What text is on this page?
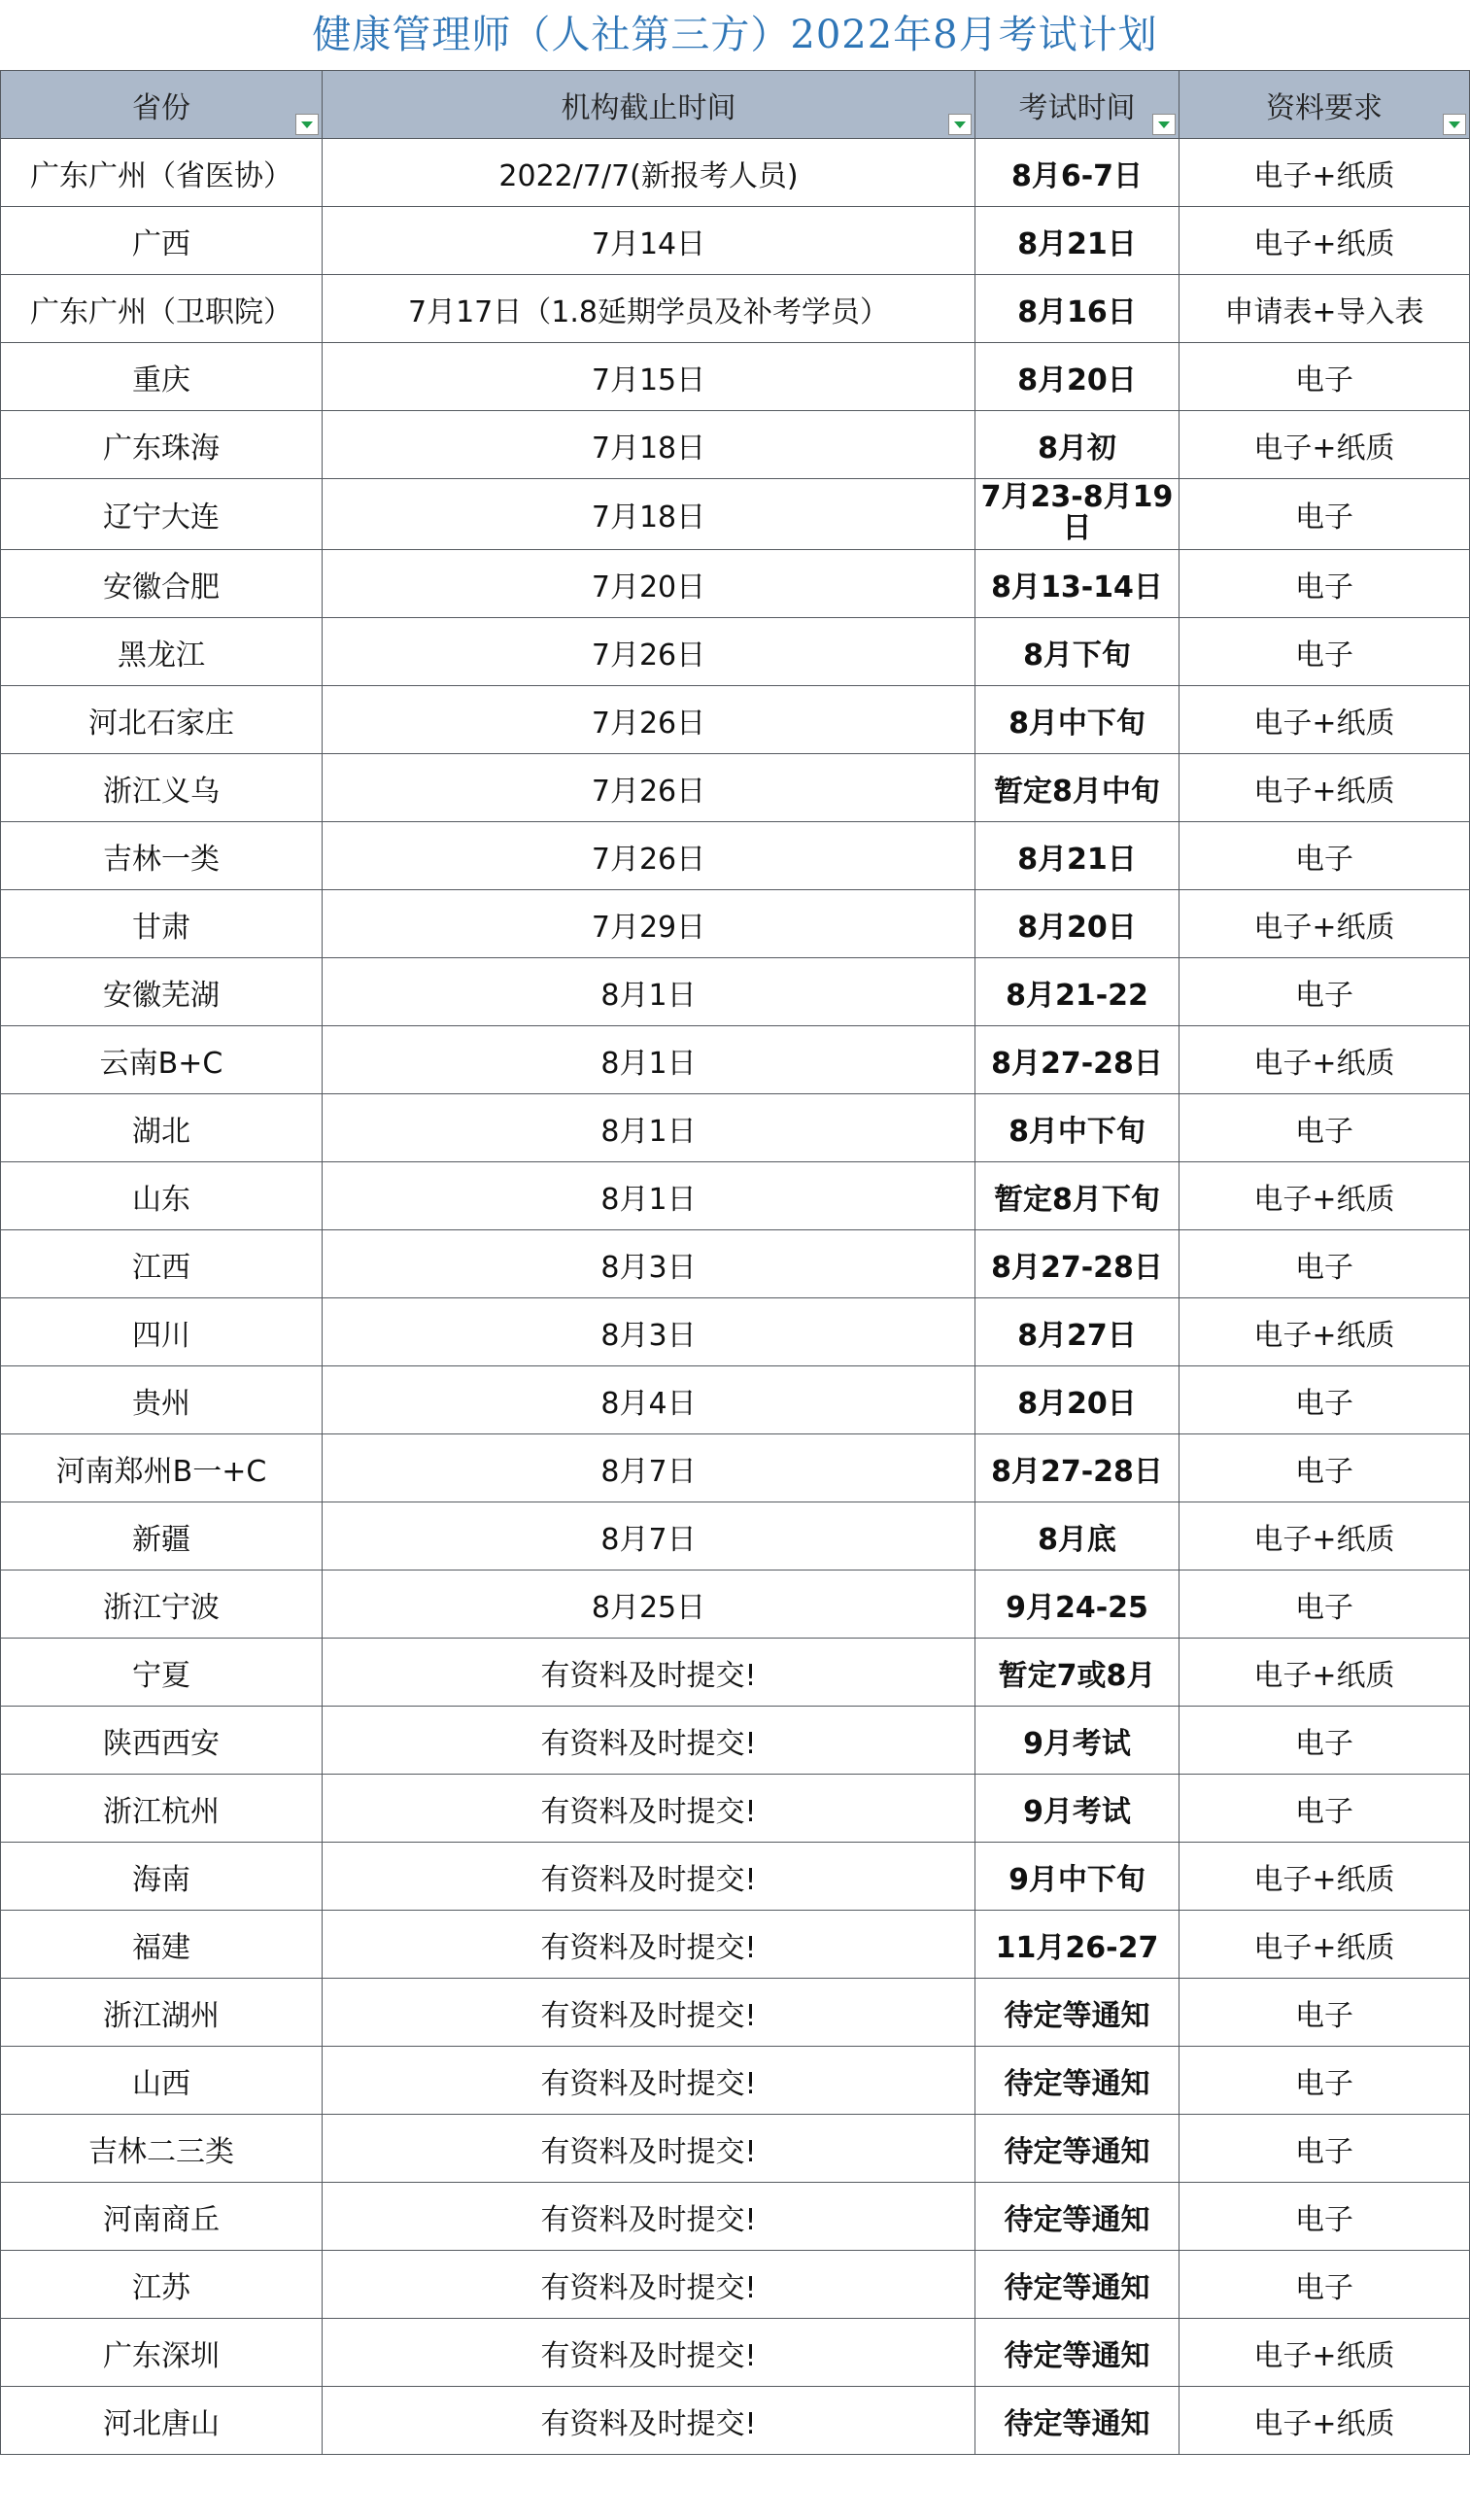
健康管理师（人社第三方）2022年8月考试计划
省份	机构截止时间	考试时间	资料要求

广东广州（省医协）	2022/7/7(新报考人员)	8月6-7日	电子+纸质
广西	7月14日	8月21日	电子+纸质
广东广州（卫职院）	7月17日（1.8延期学员及补考学员）	8月16日	申请表+导入表
重庆	7月15日	8月20日	电子
广东珠海	7月18日	8月初	电子+纸质
辽宁大连	7月18日	7月23-8月19日	电子
安徽合肥	7月20日	8月13-14日	电子
黑龙江	7月26日	8月下旬	电子
河北石家庄	7月26日	8月中下旬	电子+纸质
浙江义乌	7月26日	暂定8月中旬	电子+纸质
吉林一类	7月26日	8月21日	电子
甘肃	7月29日	8月20日	电子+纸质
安徽芜湖	8月1日	8月21-22	电子
云南B+C	8月1日	8月27-28日	电子+纸质
湖北	8月1日	8月中下旬	电子
山东	8月1日	暂定8月下旬	电子+纸质
江西	8月3日	8月27-28日	电子
四川	8月3日	8月27日	电子+纸质
贵州	8月4日	8月20日	电子
河南郑州B一+C	8月7日	8月27-28日	电子
新疆	8月7日	8月底	电子+纸质
浙江宁波	8月25日	9月24-25	电子
宁夏	有资料及时提交!	暂定7或8月	电子+纸质
陕西西安	有资料及时提交!	9月考试	电子
浙江杭州	有资料及时提交!	9月考试	电子
海南	有资料及时提交!	9月中下旬	电子+纸质
福建	有资料及时提交!	11月26-27	电子+纸质
浙江湖州	有资料及时提交!	待定等通知	电子
山西	有资料及时提交!	待定等通知	电子
吉林二三类	有资料及时提交!	待定等通知	电子
河南商丘	有资料及时提交!	待定等通知	电子
江苏	有资料及时提交!	待定等通知	电子
广东深圳	有资料及时提交!	待定等通知	电子+纸质
河北唐山	有资料及时提交!	待定等通知	电子+纸质
